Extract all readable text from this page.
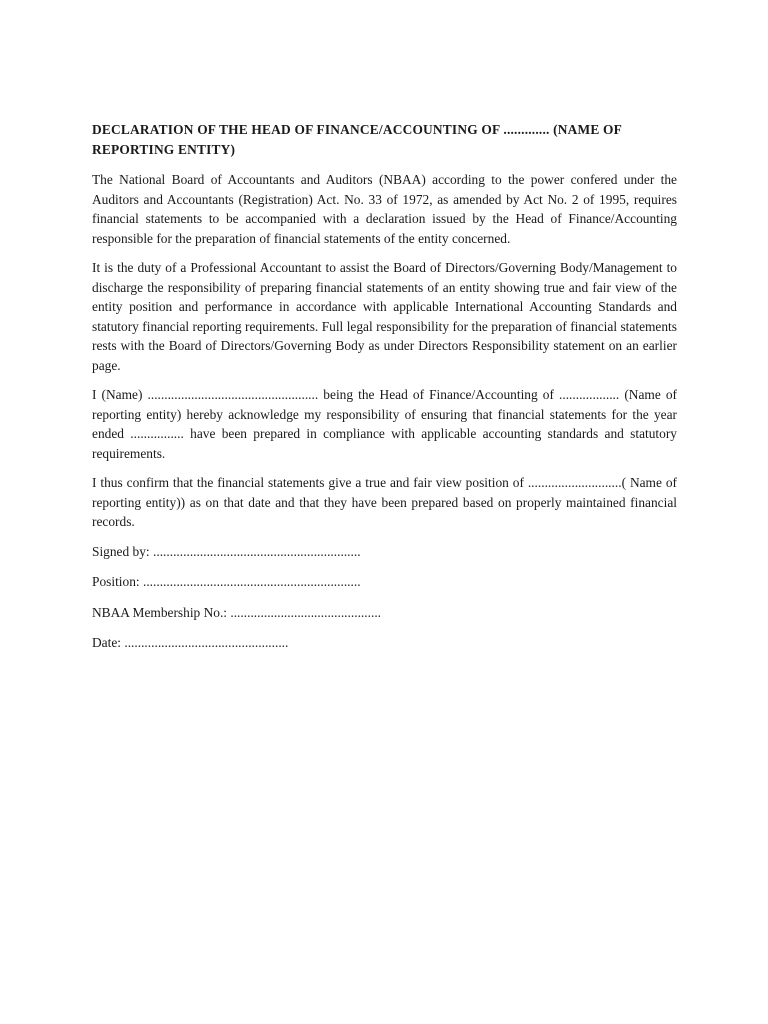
DECLARATION OF THE HEAD OF FINANCE/ACCOUNTING OF ............. (NAME OF REPORTING ENTITY)

The National Board of Accountants and Auditors (NBAA) according to the power confered under the Auditors and Accountants (Registration) Act. No. 33 of 1972, as amended by Act No. 2 of 1995, requires financial statements to be accompanied with a declaration issued by the Head of Finance/Accounting responsible for the preparation of financial statements of the entity concerned.

It is the duty of a Professional Accountant to assist the Board of Directors/Governing Body/Management to discharge the responsibility of preparing financial statements of an entity showing true and fair view of the entity position and performance in accordance with applicable International Accounting Standards and statutory financial reporting requirements. Full legal responsibility for the preparation of financial statements rests with the Board of Directors/Governing Body as under Directors Responsibility statement on an earlier page.

I (Name) ................................................... being the Head of Finance/Accounting of .................. (Name of reporting entity) hereby acknowledge my responsibility of ensuring that financial statements for the year ended ................ have been prepared in compliance with applicable accounting standards and statutory requirements.

I thus confirm that the financial statements give a true and fair view position of ............................( Name of reporting entity)) as on that date and that they have been prepared based on properly maintained financial records.

Signed by: ..............................................................
Position: .................................................................
NBAA Membership No.: .............................................
Date: .................................................
